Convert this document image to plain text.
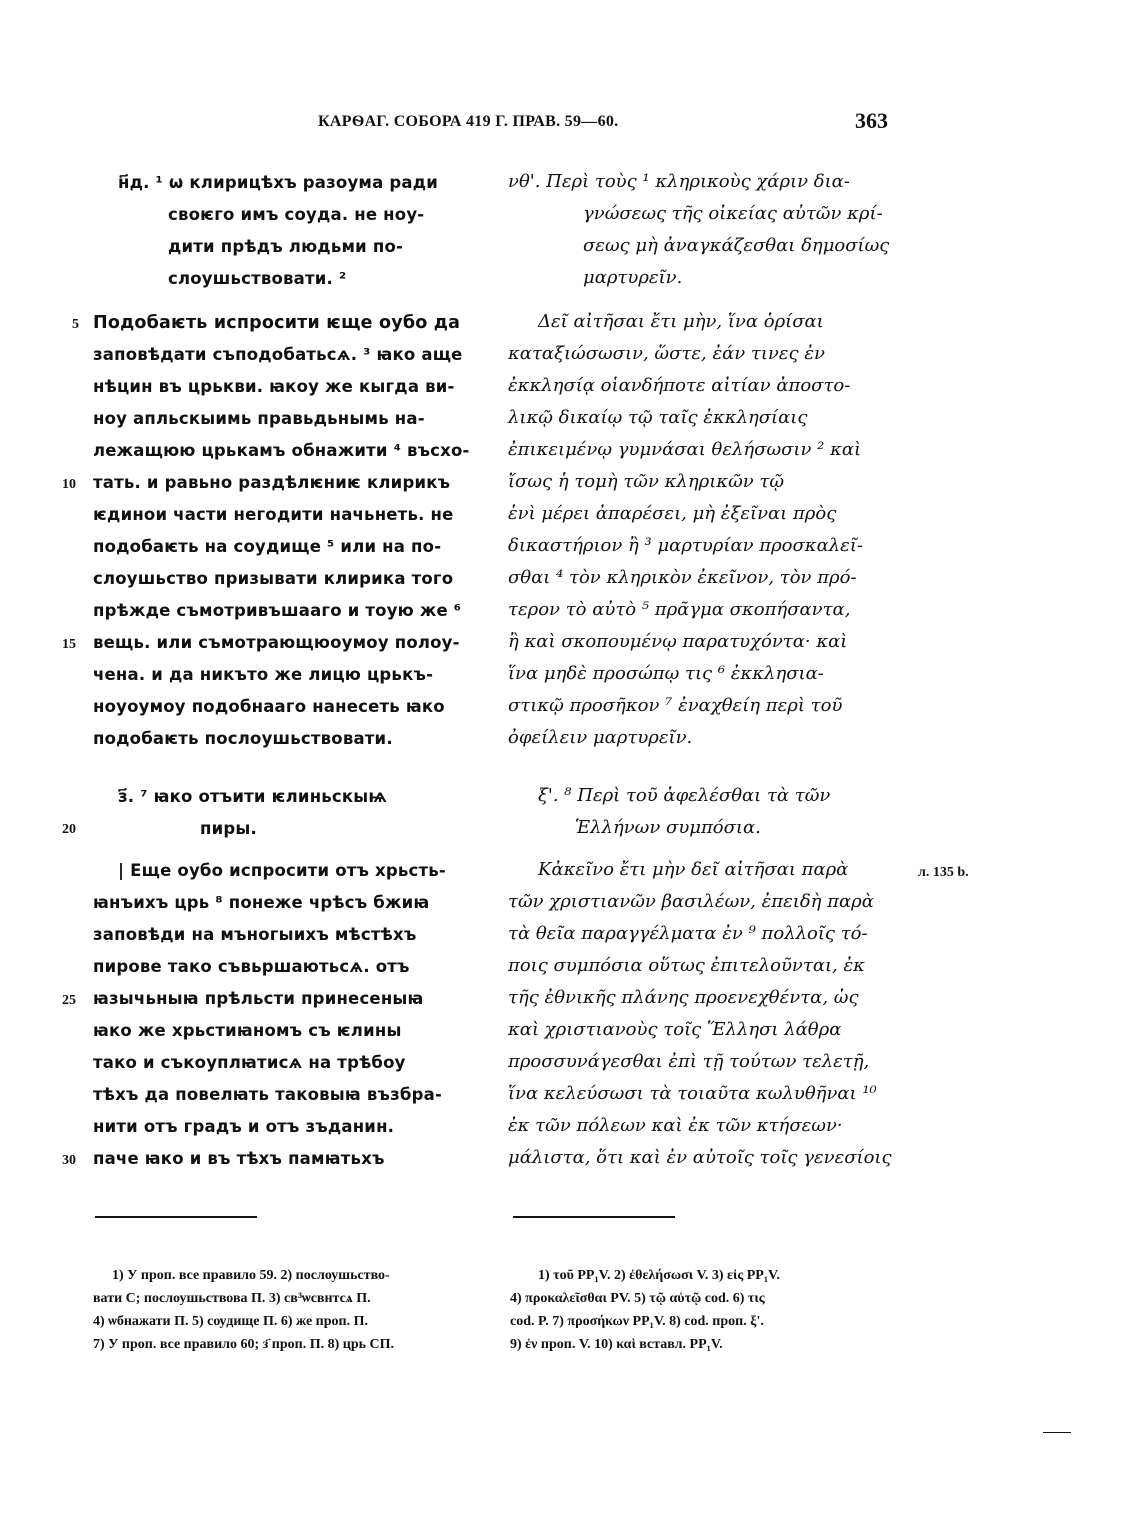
КАРѲАГ. СОБОРА 419 Г. ПРАВ. 59—60.	363
н҃д. ¹ ѡ клирицѣхъ разоума ради
своѥго имъ соуда. не ноу-
дити прѣдъ людьми по-
слоушьствовати. ²
Подобаѥть испросити ѥще оубо да
заповѣдати съподобатьсѧ. ³ ꙗко аще
нѣцин въ црькви. ꙗкоу же кыгда ви-
ноу апльскыимь правьдьнымь на-
лежащюю црькамъ обнажити ⁴ въсхо-
тать. и равьно раздѣлѥниѥ клирикъ
ѥдинои части негодити начьнеть. не
подобаѥть на соудище ⁵ или на по-
слоушьство призывати клирика того
прѣжде съмотривъшааго и тоую же ⁶
вещь. или съмотрающюоумоу полоу-
чена. и да никъто же лицю црькъ-
ноуоумоу подобнааго нанесеть ꙗко
подобаѥть послоушьствовати.
з҃. ⁷ ꙗко отъити ѥлиньскыѩ
пиры.
| Еще оубо испросити отъ хрьсть-
ꙗнъихъ црь ⁸ понеже чрѣсъ бжиꙗ
заповѣди на мъногыихъ мѣстѣхъ
пирове тако съвьршаютьсѧ. отъ
ꙗзычьныꙗ прѣльсти принесеныꙗ
ꙗко же хрьстиꙗномъ съ ѥлины
тако и съкоуплꙗтисѧ на трѣбоу
тѣхъ да повелꙗть таковыꙗ възбра-
нити отъ градъ и отъ зъданин.
паче ꙗко и въ тѣхъ памꙗтьхъ
5
10
15
20
25
30
νθ'. Περὶ τοὺς ¹ κληρικοὺς χάριν δια-
γνώσεως τῆς οἰκείας αὐτῶν κρί-
σεως μὴ ἀναγκάζεσθαι δημοσίως
μαρτυρεῖν.
Δεῖ αἰτῆσαι ἔτι μὴν, ἵνα ὁρίσαι
καταξιώσωσιν, ὥστε, ἐάν τινες ἐν
ἐκκλησίᾳ οἱανδήποτε αἰτίαν ἀποστο-
λικῷ δικαίῳ τῷ ταῖς ἐκκλησίαις
ἐπικειμένῳ γυμνάσαι θελήσωσιν ² καὶ
ἴσως ἡ τομὴ τῶν κληρικῶν τῷ
ἑνὶ μέρει ἀπαρέσει, μὴ ἐξεῖναι πρὸς
δικαστήριον ἢ ³ μαρτυρίαν προσκαλεῖ-
σθαι ⁴ τὸν κληρικὸν ἐκεῖνον, τὸν πρό-
τερον τὸ αὐτὸ ⁵ πρᾶγμα σκοπήσαντα,
ἢ καὶ σκοπουμένῳ παρατυχόντα· καὶ
ἵνα μηδὲ προσώπῳ τις ⁶ ἐκκλησια-
στικῷ προσῆκον ⁷ ἐναχθείη περὶ τοῦ
ὀφείλειν μαρτυρεῖν.
ξ'. ⁸ Περὶ τοῦ ἀφελέσθαι τὰ τῶν
Ἑλλήνων συμπόσια.
Κἀκεῖνο ἔτι μὴν δεῖ αἰτῆσαι παρὰ
τῶν χριστιανῶν βασιλέων, ἐπειδὴ παρὰ
τὰ θεῖα παραγγέλματα ἐν ⁹ πολλοῖς τό-
ποις συμπόσια οὕτως ἐπιτελοῦνται, ἐκ
τῆς ἐθνικῆς πλάνης προενεχθέντα, ὡς
καὶ χριστιανοὺς τοῖς Ἕλλησι λάθρα
προσσυνάγεσθαι ἐπὶ τῇ τούτων τελετῇ,
ἵνα κελεύσωσι τὰ τοιαῦτα κωλυθῆναι ¹⁰
ἐκ τῶν πόλεων καὶ ἐκ τῶν κτήσεων·
μάλιστα, ὅτι καὶ ἐν αὐτοῖς τοῖς γενεσίοις
л. 135 b.
1) У проп. все правило 59. 2) послоушьство-
вати С; послоушьствова П. 3) св³ѡсвнтсѧ П.
4) ѡбнажати П. 5) сѹдище П. 6) же проп. П.
7) У проп. все правило 60; з҃ проп. П. 8) црь СП.
1) τοῦ PP₁V. 2) ἐθελήσωσι V. 3) εἰς PP₁V.
4) προκαλεῖσθαι PV. 5) τῷ αὐτῷ cod. 6) τις
cod. P. 7) προσήκων PP₁V. 8) cod. проп. ξ'.
9) ἐν проп. V. 10) καὶ вставл. PP₁V.
